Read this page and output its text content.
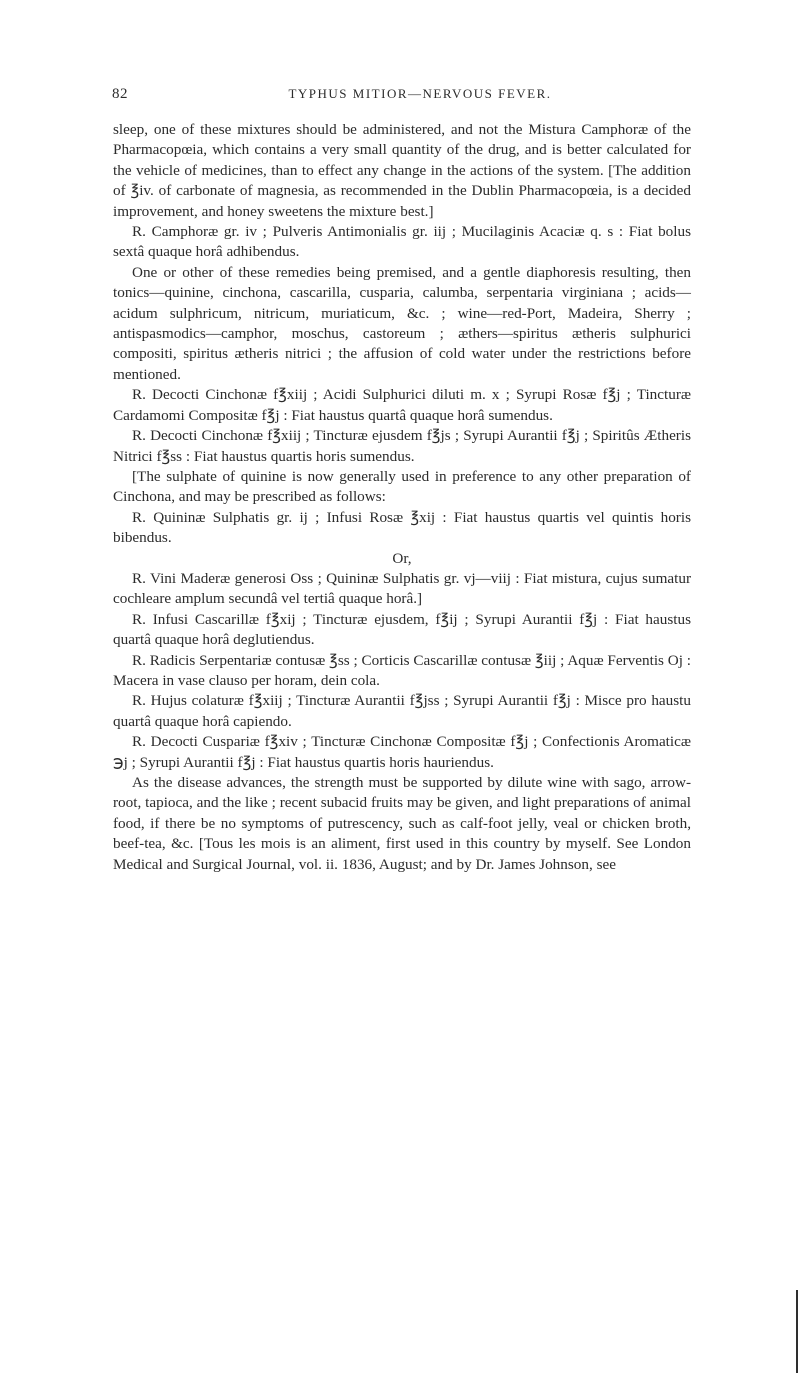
82	TYPHUS MITIOR—NERVOUS FEVER.

sleep, one of these mixtures should be administered, and not the Mistura Camphoræ of the Pharmacopœia, which contains a very small quantity of the drug, and is better calculated for the vehicle of medicines, than to effect any change in the actions of the system. [The addition of ℥iv. of carbonate of magnesia, as recommended in the Dublin Pharmacopœia, is a decided improvement, and honey sweetens the mixture best.]

R. Camphoræ gr. iv ; Pulveris Antimonialis gr. iij ; Mucilaginis Acaciæ q. s : Fiat bolus sextâ quaque horâ adhibendus.

One or other of these remedies being premised, and a gentle diaphoresis resulting, then tonics—quinine, cinchona, cascarilla, cusparia, calumba, serpentaria virginiana ; acids—acidum sulphricum, nitricum, muriaticum, &c. ; wine—red-Port, Madeira, Sherry ; antispasmodics—camphor, moschus, castoreum ; æthers—spiritus ætheris sulphurici compositi, spiritus ætheris nitrici ; the affusion of cold water under the restrictions before mentioned.

R. Decocti Cinchonæ f℥xiij ; Acidi Sulphurici diluti m. x ; Syrupi Rosæ f℥j ; Tincturæ Cardamomi Compositæ f℥j : Fiat haustus quartâ quaque horâ sumendus.

R. Decocti Cinchonæ f℥xiij ; Tincturæ ejusdem f℥js ; Syrupi Aurantii f℥j ; Spiritûs Ætheris Nitrici f℥ss : Fiat haustus quartis horis sumendus.

[The sulphate of quinine is now generally used in preference to any other preparation of Cinchona, and may be prescribed as follows:

R. Quininæ Sulphatis gr. ij ; Infusi Rosæ ℥xij : Fiat haustus quartis vel quintis horis bibendus.

Or,

R. Vini Maderæ generosi Oss ; Quininæ Sulphatis gr. vj—viij : Fiat mistura, cujus sumatur cochleare amplum secundâ vel tertiâ quaque horâ.]

R. Infusi Cascarillæ f℥xij ; Tincturæ ejusdem, f℥ij ; Syrupi Aurantii f℥j : Fiat haustus quartâ quaque horâ deglutiendus.

R. Radicis Serpentariæ contusæ ℥ss ; Corticis Cascarillæ contusæ ℥iij ; Aquæ Ferventis Oj : Macera in vase clauso per horam, dein cola.

R. Hujus colaturæ f℥xiij ; Tincturæ Aurantii f℥jss ; Syrupi Aurantii f℥j : Misce pro haustu quartâ quaque horâ capiendo.

R. Decocti Cuspariæ f℥xiv ; Tincturæ Cinchonæ Compositæ f℥j ; Confectionis Aromaticæ ℈j ; Syrupi Aurantii f℥j : Fiat haustus quartis horis hauriendus.

As the disease advances, the strength must be supported by dilute wine with sago, arrow-root, tapioca, and the like ; recent subacid fruits may be given, and light preparations of animal food, if there be no symptoms of putrescency, such as calf-foot jelly, veal or chicken broth, beef-tea, &c. [Tous les mois is an aliment, first used in this country by myself. See London Medical and Surgical Journal, vol. ii. 1836, August; and by Dr. James Johnson, see
